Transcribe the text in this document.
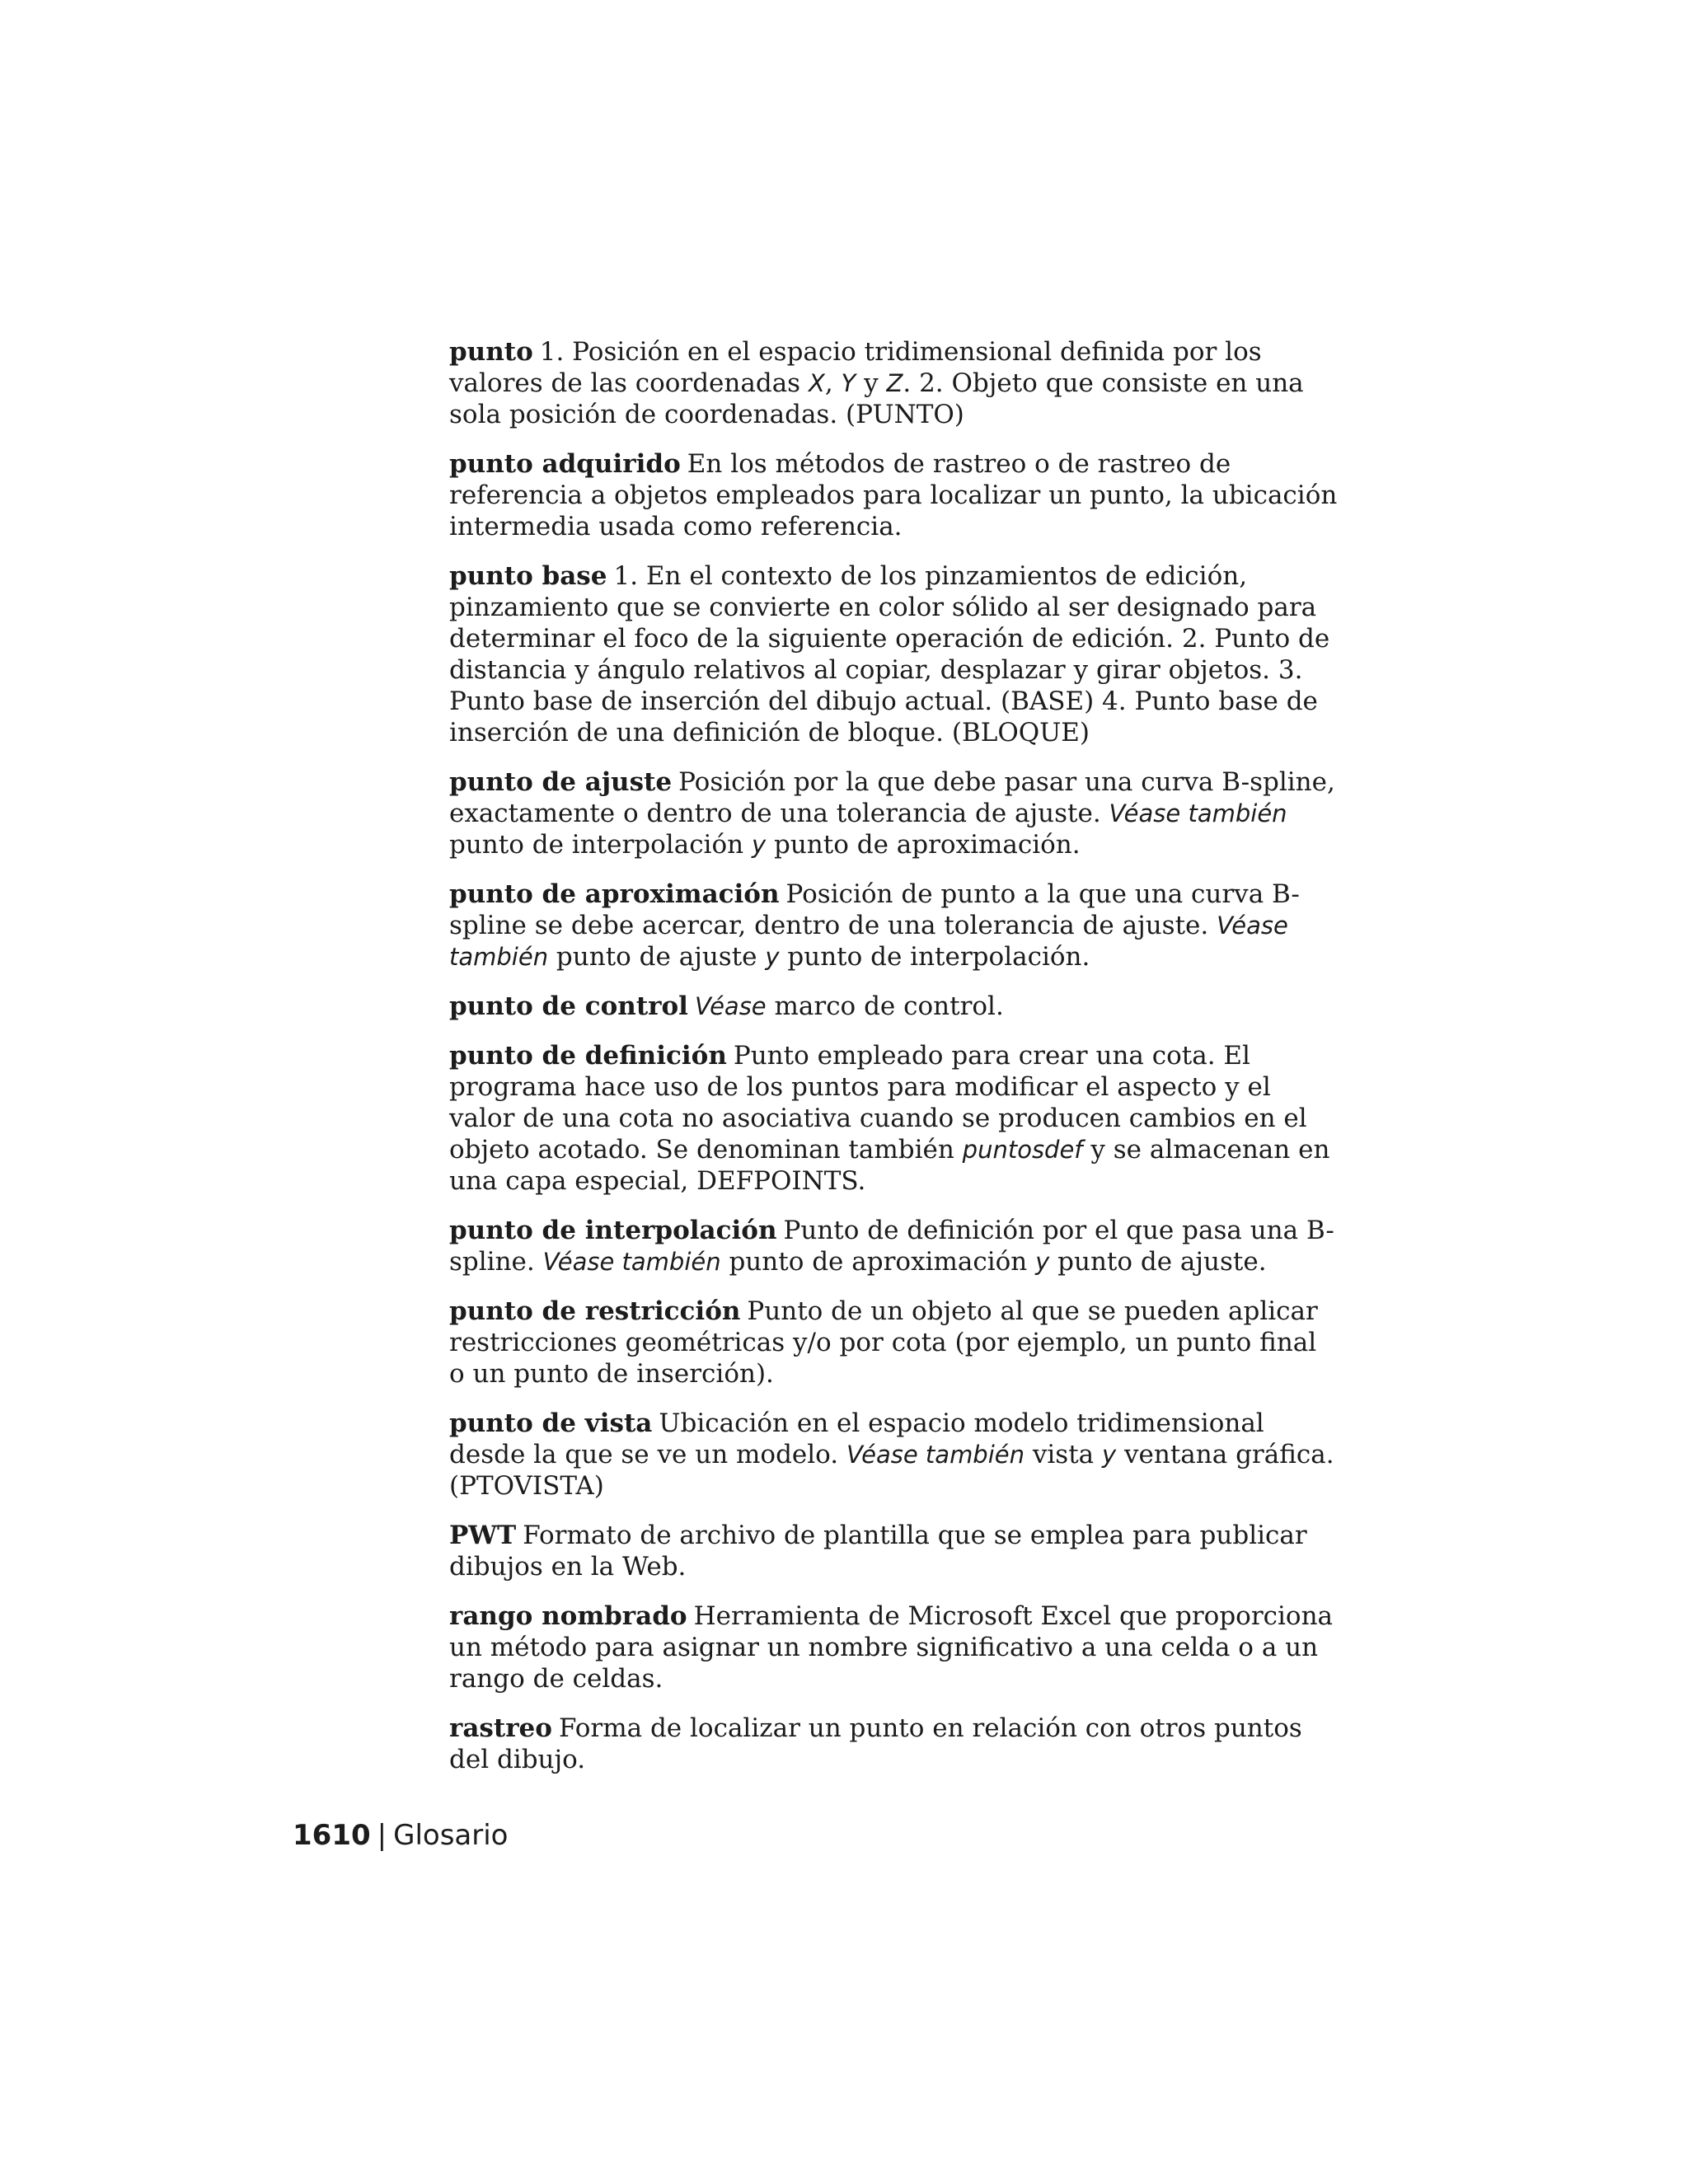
punto 1. Posición en el espacio tridimensional definida por los valores de las coordenadas X, Y y Z. 2. Objeto que consiste en una sola posición de coordenadas. (PUNTO)

punto adquirido En los métodos de rastreo o de rastreo de referencia a objetos empleados para localizar un punto, la ubicación intermedia usada como referencia.

punto base 1. En el contexto de los pinzamientos de edición, pinzamiento que se convierte en color sólido al ser designado para determinar el foco de la siguiente operación de edición. 2. Punto de distancia y ángulo relativos al copiar, desplazar y girar objetos. 3. Punto base de inserción del dibujo actual. (BASE) 4. Punto base de inserción de una definición de bloque. (BLOQUE)

punto de ajuste Posición por la que debe pasar una curva B-spline, exactamente o dentro de una tolerancia de ajuste. Véase también punto de interpolación y punto de aproximación.

punto de aproximación Posición de punto a la que una curva B-spline se debe acercar, dentro de una tolerancia de ajuste. Véase también punto de ajuste y punto de interpolación.

punto de control Véase marco de control.

punto de definición Punto empleado para crear una cota. El programa hace uso de los puntos para modificar el aspecto y el valor de una cota no asociativa cuando se producen cambios en el objeto acotado. Se denominan también puntosdef y se almacenan en una capa especial, DEFPOINTS.

punto de interpolación Punto de definición por el que pasa una B-spline. Véase también punto de aproximación y punto de ajuste.

punto de restricción Punto de un objeto al que se pueden aplicar restricciones geométricas y/o por cota (por ejemplo, un punto final o un punto de inserción).

punto de vista Ubicación en el espacio modelo tridimensional desde la que se ve un modelo. Véase también vista y ventana gráfica. (PTOVISTA)

PWT Formato de archivo de plantilla que se emplea para publicar dibujos en la Web.

rango nombrado Herramienta de Microsoft Excel que proporciona un método para asignar un nombre significativo a una celda o a un rango de celdas.

rastreo Forma de localizar un punto en relación con otros puntos del dibujo.

1610 | Glosario
